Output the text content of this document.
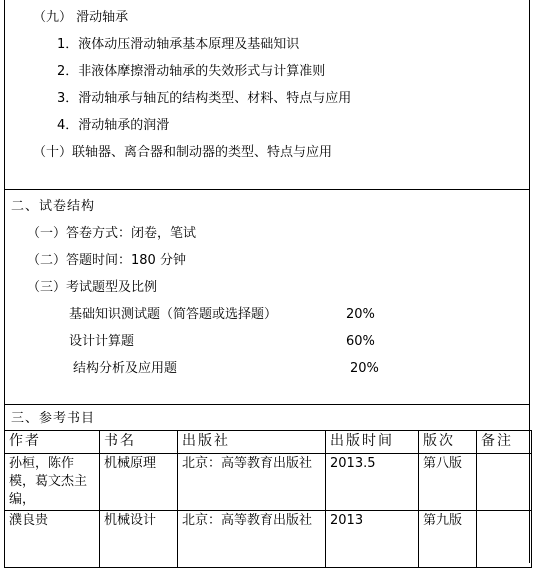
（九） 滑动轴承
1．液体动压滑动轴承基本原理及基础知识
2．非液体摩擦滑动轴承的失效形式与计算准则
3．滑动轴承与轴瓦的结构类型、材料、特点与应用
4．滑动轴承的润滑
（十）联轴器、离合器和制动器的类型、特点与应用
二、试卷结构
（一）答卷方式：闭卷，笔试
（二）答题时间：180 分钟
（三）考试题型及比例
基础知识测试题（简答题或选择题）	20%
设计计算题	60%
结构分析及应用题	20%
三、参考书目
作者	书名	出版社	出版时间	版次	备注
孙桓，陈作模，葛文杰主编，	机械原理	北京：高等教育出版社	2013.5	第八版	
濮良贵	机械设计	北京：高等教育出版社	2013	第九版	
